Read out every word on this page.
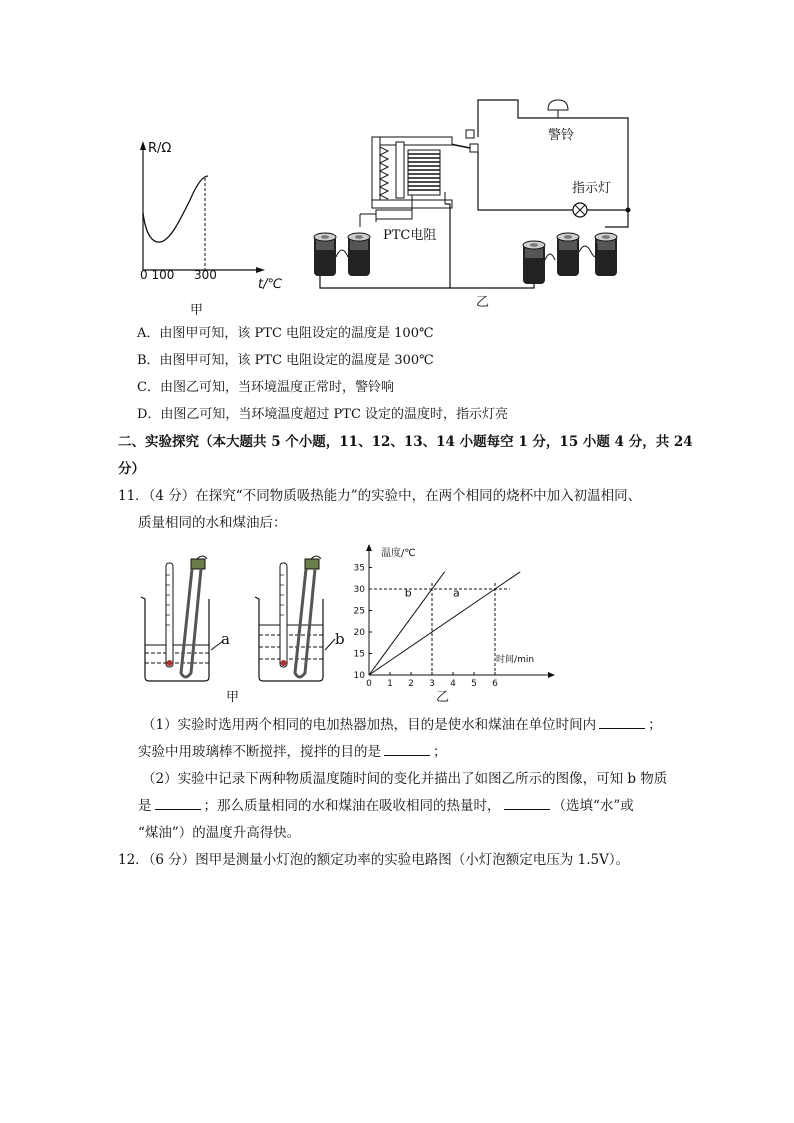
R/Ω
0 100 300
t/℃
甲
警铃
指示灯
PTC电阻
乙
A．由图甲可知，该 PTC 电阻设定的温度是 100℃
B．由图甲可知，该 PTC 电阻设定的温度是 300℃
C．由图乙可知，当环境温度正常时，警铃响
D．由图乙可知，当环境温度超过 PTC 设定的温度时，指示灯亮
二、实验探究（本大题共 5 个小题，11、12、13、14 小题每空 1 分，15 小题 4 分，共 24
分）
11．（4 分）在探究“不同物质吸热能力”的实验中，在两个相同的烧杯中加入初温相同、
质量相同的水和煤油后：
a	b
甲
0 1 2 3 4 5 6
10
15
20
25
30
35
b	a
温度/℃
时间/min
乙
（1）实验时选用两个相同的电加热器加热，目的是使水和煤油在单位时间内	；
实验中用玻璃棒不断搅拌，搅拌的目的是	；
（2）实验中记录下两种物质温度随时间的变化并描出了如图乙所示的图像，可知 b 物质
是	；那么质量相同的水和煤油在吸收相同的热量时，	（选填“水”或
“煤油”）的温度升高得快。
12．（6 分）图甲是测量小灯泡的额定功率的实验电路图（小灯泡额定电压为 1.5V）。
